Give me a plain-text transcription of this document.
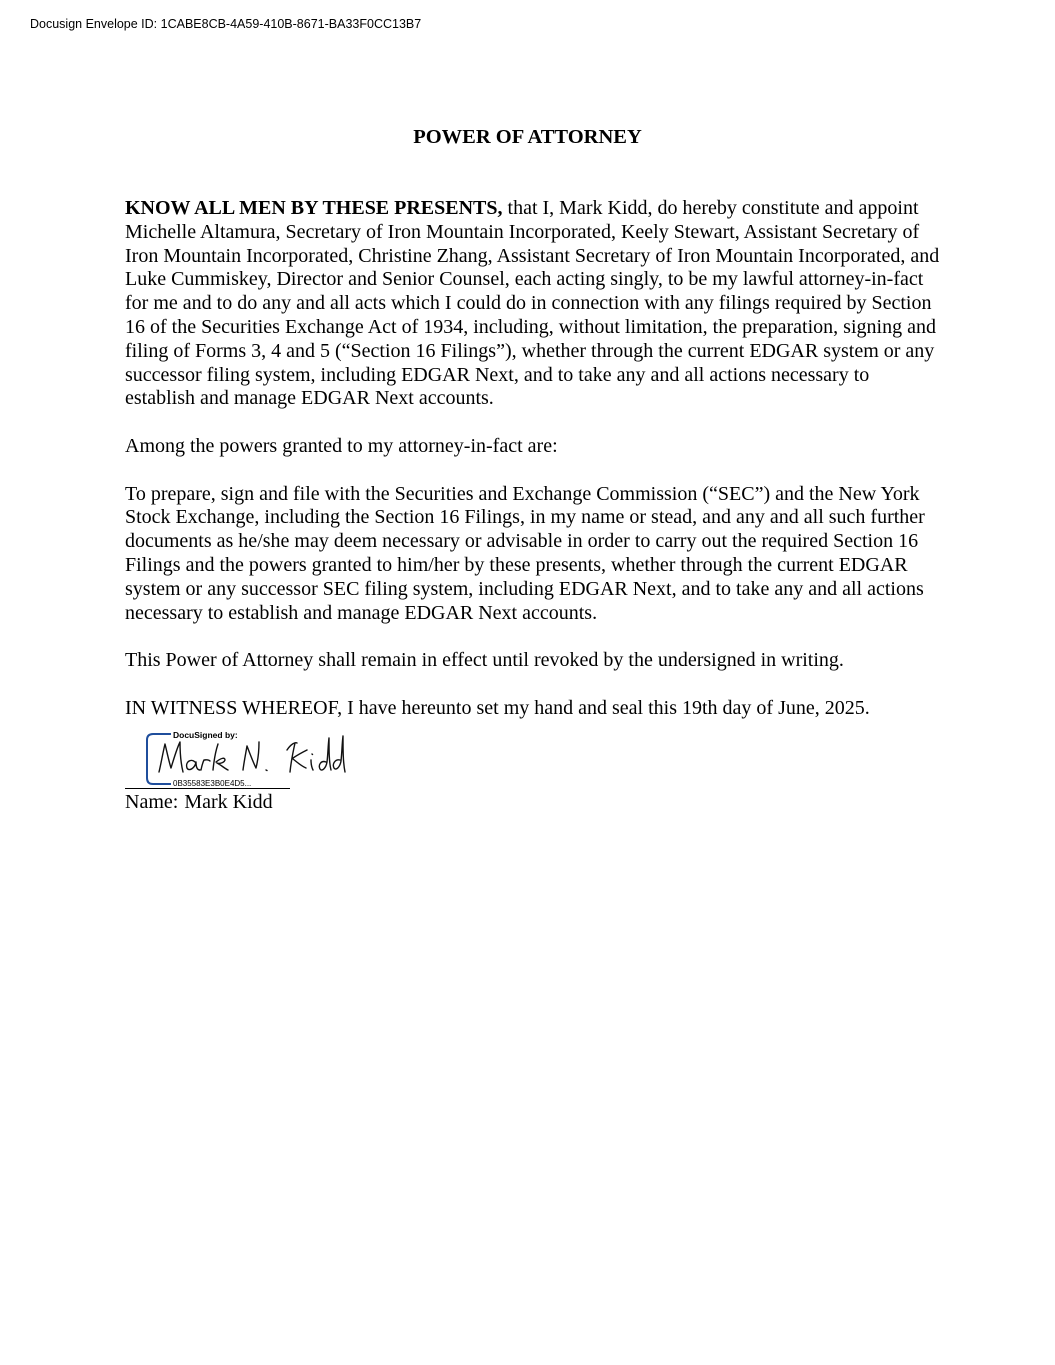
Docusign Envelope ID: 1CABE8CB-4A59-410B-8671-BA33F0CC13B7
POWER OF ATTORNEY

KNOW ALL MEN BY THESE PRESENTS, that I, Mark Kidd, do hereby constitute and appoint Michelle Altamura, Secretary of Iron Mountain Incorporated, Keely Stewart, Assistant Secretary of Iron Mountain Incorporated, Christine Zhang, Assistant Secretary of Iron Mountain Incorporated, and Luke Cummiskey, Director and Senior Counsel, each acting singly, to be my lawful attorney-in-fact for me and to do any and all acts which I could do in connection with any filings required by Section 16 of the Securities Exchange Act of 1934, including, without limitation, the preparation, signing and filing of Forms 3, 4 and 5 (“Section 16 Filings”), whether through the current EDGAR system or any successor filing system, including EDGAR Next, and to take any and all actions necessary to establish and manage EDGAR Next accounts.

Among the powers granted to my attorney-in-fact are:

To prepare, sign and file with the Securities and Exchange Commission (“SEC”) and the New York Stock Exchange, including the Section 16 Filings, in my name or stead, and any and all such further documents as he/she may deem necessary or advisable in order to carry out the required Section 16 Filings and the powers granted to him/her by these presents, whether through the current EDGAR system or any successor SEC filing system, including EDGAR Next, and to take any and all actions necessary to establish and manage EDGAR Next accounts.

This Power of Attorney shall remain in effect until revoked by the undersigned in writing.

IN WITNESS WHEREOF, I have hereunto set my hand and seal this 19th day of June, 2025.

DocuSigned by:
0B35583E3B0E4D5...
Name: Mark Kidd
